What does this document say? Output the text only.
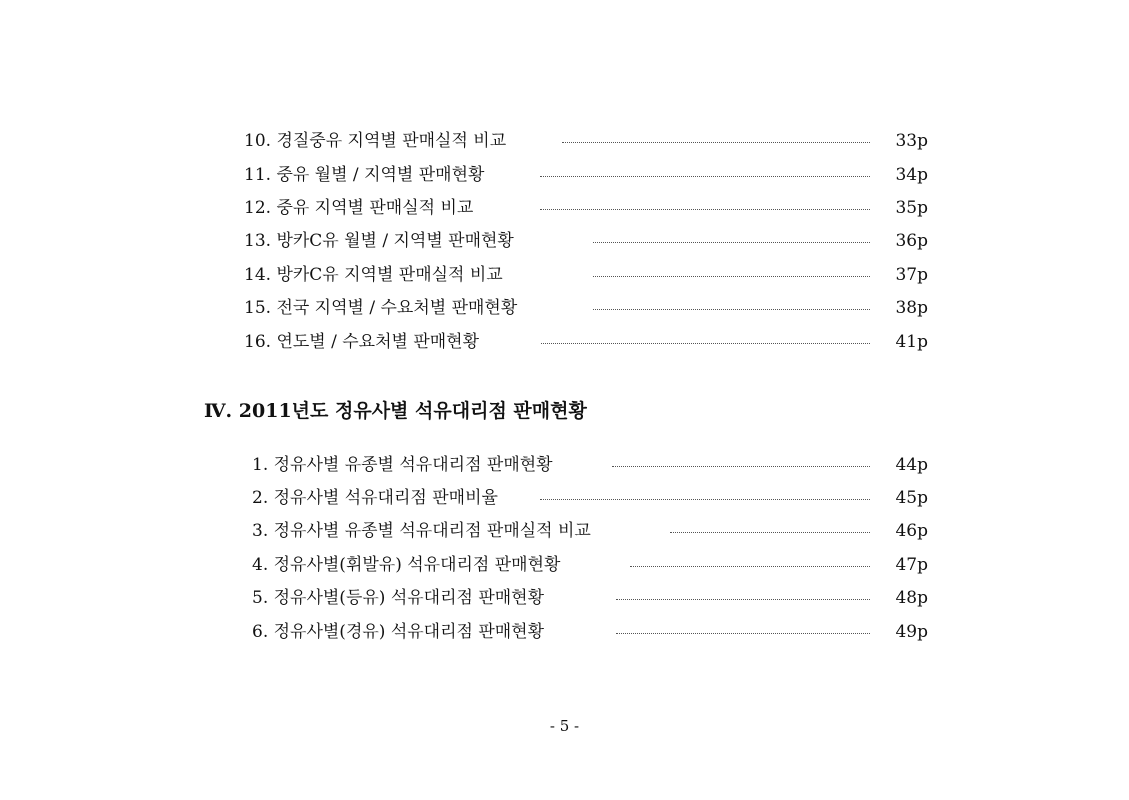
10. 경질중유 지역별 판매실적 비교	33p
11. 중유 월별 / 지역별 판매현황	34p
12. 중유 지역별 판매실적 비교	35p
13. 방카C유 월별 / 지역별 판매현황	36p
14. 방카C유 지역별 판매실적 비교	37p
15. 전국 지역별 / 수요처별 판매현황	38p
16. 연도별 / 수요처별 판매현황	41p
Ⅳ. 2011년도 정유사별 석유대리점 판매현황
1. 정유사별 유종별 석유대리점 판매현황	44p
2. 정유사별 석유대리점 판매비율	45p
3. 정유사별 유종별 석유대리점 판매실적 비교	46p
4. 정유사별(휘발유) 석유대리점 판매현황	47p
5. 정유사별(등유) 석유대리점 판매현황	48p
6. 정유사별(경유) 석유대리점 판매현황	49p
- 5 -
